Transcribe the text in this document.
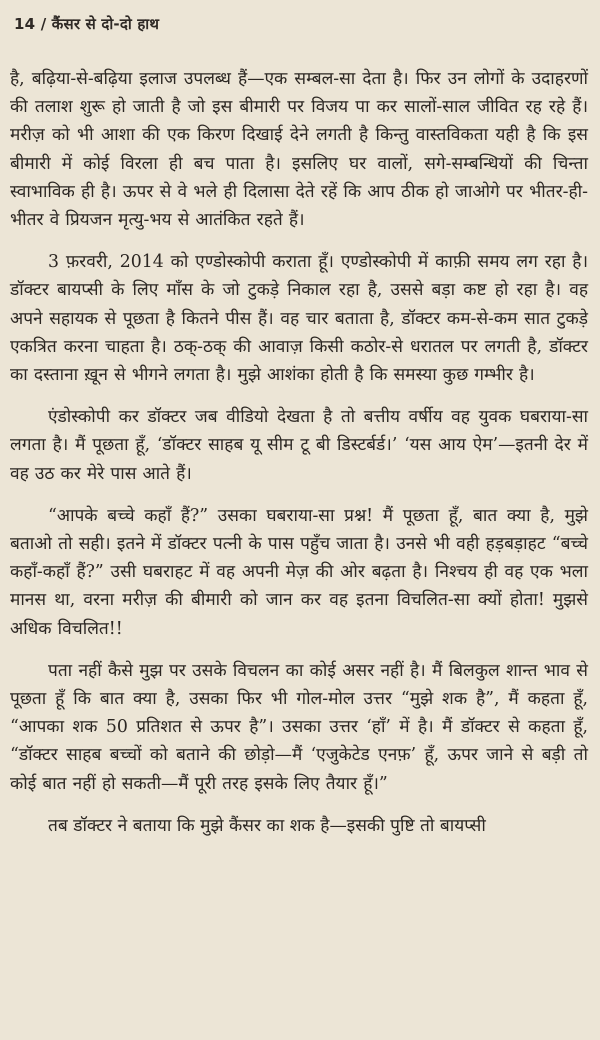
14 / कैंसर से दो-दो हाथ

है, बढ़िया-से-बढ़िया इलाज उपलब्ध हैं—एक सम्बल-सा देता है। फिर उन लोगों के उदाहरणों की तलाश शुरू हो जाती है जो इस बीमारी पर विजय पा कर सालों-साल जीवित रह रहे हैं। मरीज़ को भी आशा की एक किरण दिखाई देने लगती है किन्तु वास्तविकता यही है कि इस बीमारी में कोई विरला ही बच पाता है। इसलिए घर वालों, सगे-सम्बन्धियों की चिन्ता स्वाभाविक ही है। ऊपर से वे भले ही दिलासा देते रहें कि आप ठीक हो जाओगे पर भीतर-ही-भीतर वे प्रियजन मृत्यु-भय से आतंकित रहते हैं।

3 फ़रवरी, 2014 को एण्डोस्कोपी कराता हूँ। एण्डोस्कोपी में काफ़ी समय लग रहा है। डॉक्टर बायप्सी के लिए माँस के जो टुकड़े निकाल रहा है, उससे बड़ा कष्ट हो रहा है। वह अपने सहायक से पूछता है कितने पीस हैं। वह चार बताता है, डॉक्टर कम-से-कम सात टुकड़े एकत्रित करना चाहता है। ठक्-ठक् की आवाज़ किसी कठोर-से धरातल पर लगती है, डॉक्टर का दस्ताना ख़ून से भीगने लगता है। मुझे आशंका होती है कि समस्या कुछ गम्भीर है।

एंडोस्कोपी कर डॉक्टर जब वीडियो देखता है तो बत्तीय वर्षीय वह युवक घबराया-सा लगता है। मैं पूछता हूँ, ‘डॉक्टर साहब यू सीम टू बी डिस्टर्बर्ड।’ ‘यस आय ऐम’—इतनी देर में वह उठ कर मेरे पास आते हैं।

“आपके बच्चे कहाँ हैं?” उसका घबराया-सा प्रश्न! मैं पूछता हूँ, बात क्या है, मुझे बताओ तो सही। इतने में डॉक्टर पत्नी के पास पहुँच जाता है। उनसे भी वही हड़बड़ाहट “बच्चे कहाँ-कहाँ हैं?” उसी घबराहट में वह अपनी मेज़ की ओर बढ़ता है। निश्चय ही वह एक भला मानस था, वरना मरीज़ की बीमारी को जान कर वह इतना विचलित-सा क्यों होता! मुझसे अधिक विचलित!!

पता नहीं कैसे मुझ पर उसके विचलन का कोई असर नहीं है। मैं बिलकुल शान्त भाव से पूछता हूँ कि बात क्या है, उसका फिर भी गोल-मोल उत्तर “मुझे शक है”, मैं कहता हूँ, “आपका शक 50 प्रतिशत से ऊपर है”। उसका उत्तर ‘हाँ’ में है। मैं डॉक्टर से कहता हूँ, “डॉक्टर साहब बच्चों को बताने की छोड़ो—मैं ‘एजुकेटेड एनफ़’ हूँ, ऊपर जाने से बड़ी तो कोई बात नहीं हो सकती—मैं पूरी तरह इसके लिए तैयार हूँ।”

तब डॉक्टर ने बताया कि मुझे कैंसर का शक है—इसकी पुष्टि तो बायप्सी
